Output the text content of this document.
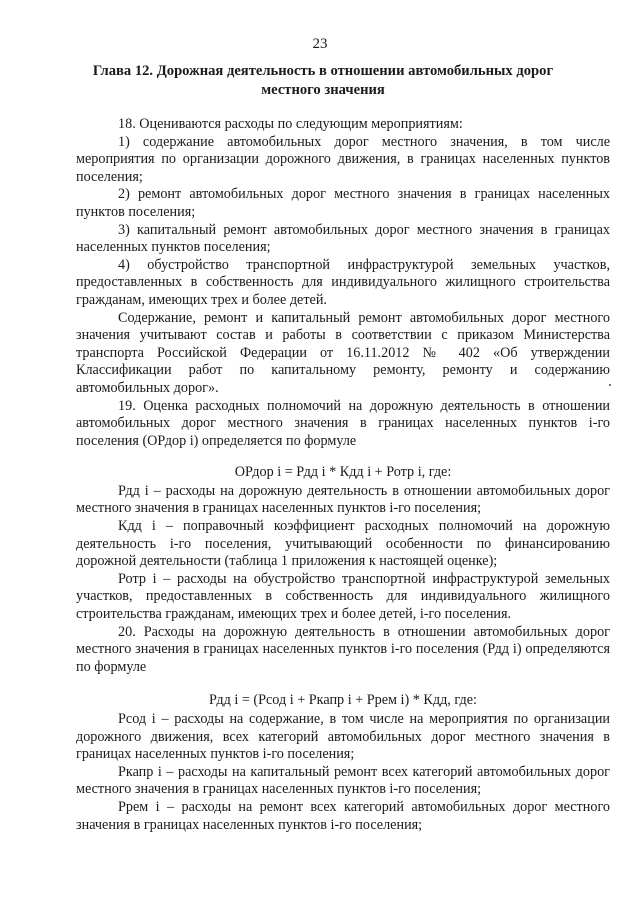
23
Глава 12. Дорожная деятельность в отношении автомобильных дорог местного значения

18. Оцениваются расходы по следующим мероприятиям:

1) содержание автомобильных дорог местного значения, в том числе мероприятия по организации дорожного движения, в границах населенных пунктов поселения;

2) ремонт автомобильных дорог местного значения в границах населенных пунктов поселения;

3) капитальный ремонт автомобильных дорог местного значения в границах населенных пунктов поселения;

4) обустройство транспортной инфраструктурой земельных участков, предоставленных в собственность для индивидуального жилищного строительства гражданам, имеющих трех и более детей.

Содержание, ремонт и капитальный ремонт автомобильных дорог местного значения учитывают состав и работы в соответствии с приказом Министерства транспорта Российской Федерации от 16.11.2012 № 402 «Об утверждении Классификации работ по капитальному ремонту, ремонту и содержанию автомобильных дорог».

19. Оценка расходных полномочий на дорожную деятельность в отношении автомобильных дорог местного значения в границах населенных пунктов i-го поселения (ОРдор i) определяется по формуле

ОРдор i = Рдд i * Кдд i + Ротр i, где:

Рдд i – расходы на дорожную деятельность в отношении автомобильных дорог местного значения в границах населенных пунктов i-го поселения;

Кдд i – поправочный коэффициент расходных полномочий на дорожную деятельность i-го поселения, учитывающий особенности по финансированию дорожной деятельности (таблица 1 приложения к настоящей оценке);

Ротр i – расходы на обустройство транспортной инфраструктурой земельных участков, предоставленных в собственность для индивидуального жилищного строительства гражданам, имеющих трех и более детей, i-го поселения.

20. Расходы на дорожную деятельность в отношении автомобильных дорог местного значения в границах населенных пунктов i-го поселения (Рдд i) определяются по формуле

Рдд i = (Рсод i + Ркапр i + Ррем i) * Кдд, где:

Рсод i – расходы на содержание, в том числе на мероприятия по организации дорожного движения, всех категорий автомобильных дорог местного значения в границах населенных пунктов i-го поселения;

Ркапр i – расходы на капитальный ремонт всех категорий автомобильных дорог местного значения в границах населенных пунктов i-го поселения;

Ррем i – расходы на ремонт всех категорий автомобильных дорог местного значения в границах населенных пунктов i-го поселения;
